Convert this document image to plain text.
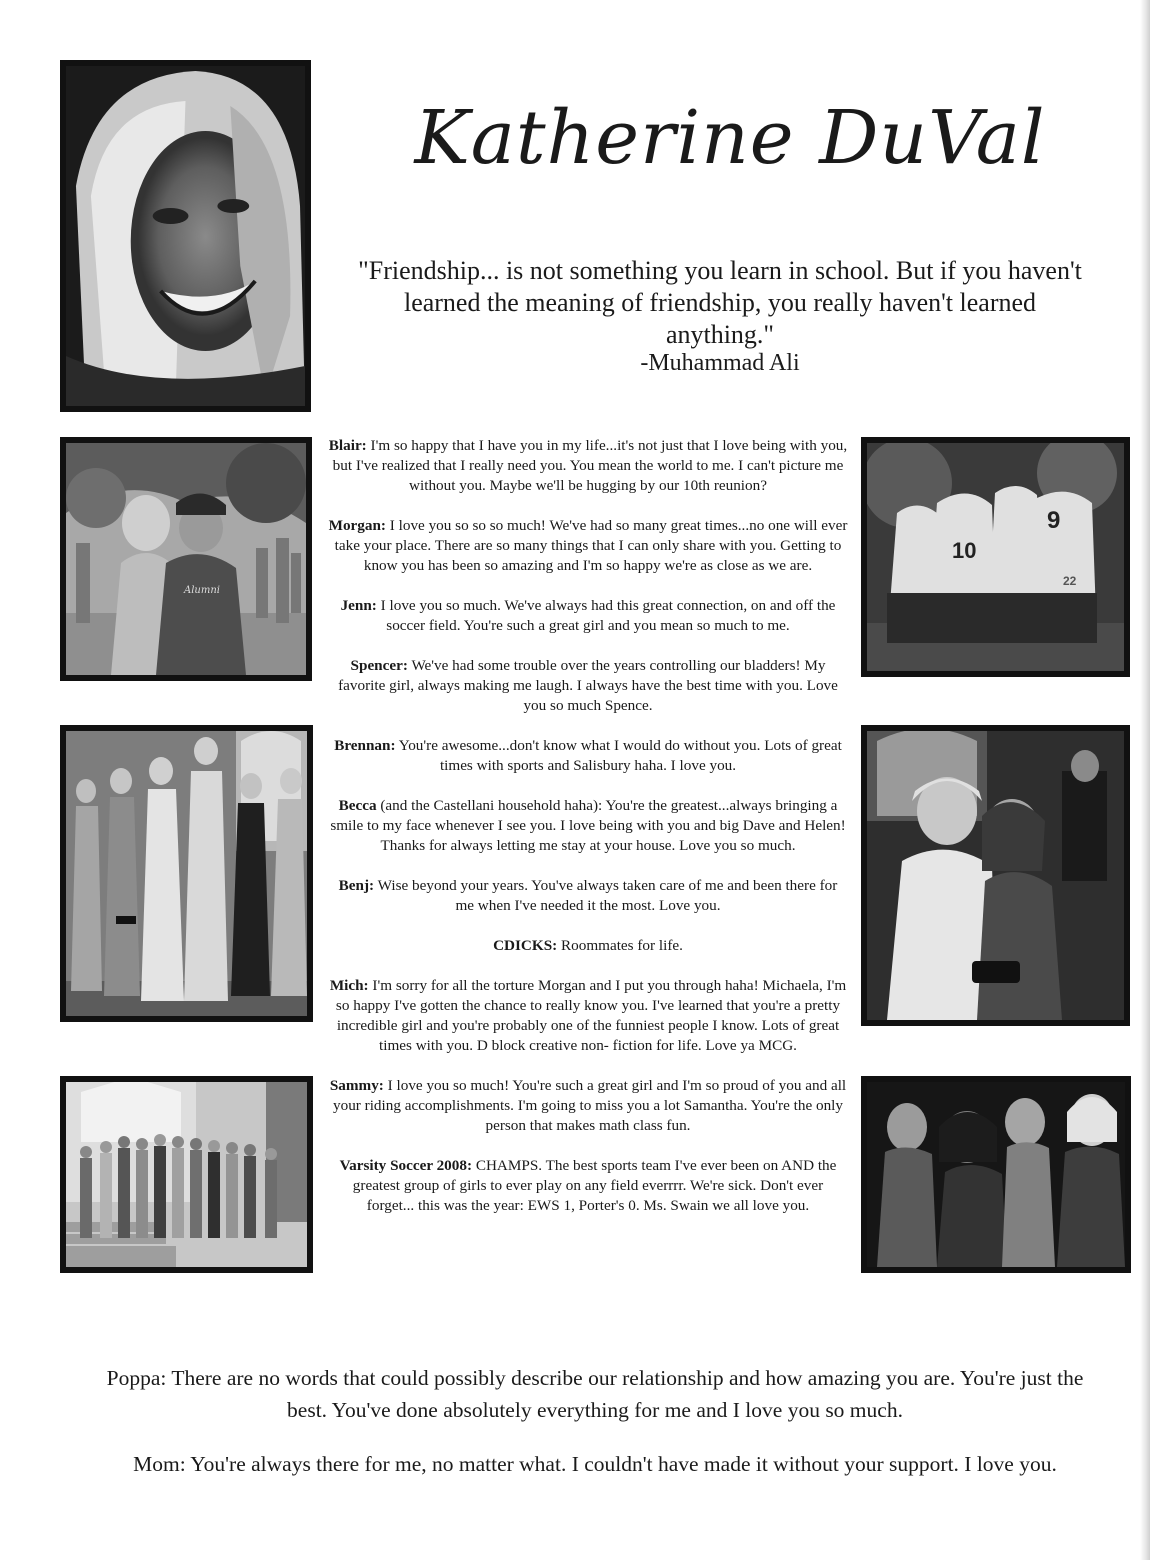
Katherine DuVal

"Friendship... is not something you learn in school. But if you haven't learned the meaning of friendship, you really haven't learned anything."

-Muhammad Ali

Alumni
10
9
22

Blair: I'm so happy that I have you in my life...it's not just that I love being with you, but I've realized that I really need you. You mean the world to me. I can't picture me without you. Maybe we'll be hugging by our 10th reunion?

Morgan: I love you so so so much! We've had so many great times...no one will ever take your place. There are so many things that I can only share with you. Getting to know you has been so amazing and I'm so happy we're as close as we are.

Jenn: I love you so much. We've always had this great connection, on and off the soccer field. You're such a great girl and you mean so much to me.

Spencer: We've had some trouble over the years controlling our bladders! My favorite girl, always making me laugh. I always have the best time with you. Love you so much Spence.

Brennan: You're awesome...don't know what I would do without you. Lots of great times with sports and Salisbury haha. I love you.

Becca (and the Castellani household haha): You're the greatest...always bringing a smile to my face whenever I see you. I love being with you and big Dave and Helen! Thanks for always letting me stay at your house. Love you so much.

Benj: Wise beyond your years. You've always taken care of me and been there for me when I've needed it the most. Love you.

CDICKS: Roommates for life.

Mich: I'm sorry for all the torture Morgan and I put you through haha! Michaela, I'm so happy I've gotten the chance to really know you. I've learned that you're a pretty incredible girl and you're probably one of the funniest people I know. Lots of great times with you. D block creative non- fiction for life. Love ya MCG.

Sammy: I love you so much! You're such a great girl and I'm so proud of you and all your riding accomplishments. I'm going to miss you a lot Samantha. You're the only person that makes math class fun.

Varsity Soccer 2008: CHAMPS. The best sports team I've ever been on AND the greatest group of girls to ever play on any field everrrr. We're sick. Don't ever forget... this was the year: EWS 1, Porter's 0. Ms. Swain we all love you.

Poppa: There are no words that could possibly describe our relationship and how amazing you are. You're just the best. You've done absolutely everything for me and I love you so much.

Mom: You're always there for me, no matter what. I couldn't have made it without your support. I love you.
